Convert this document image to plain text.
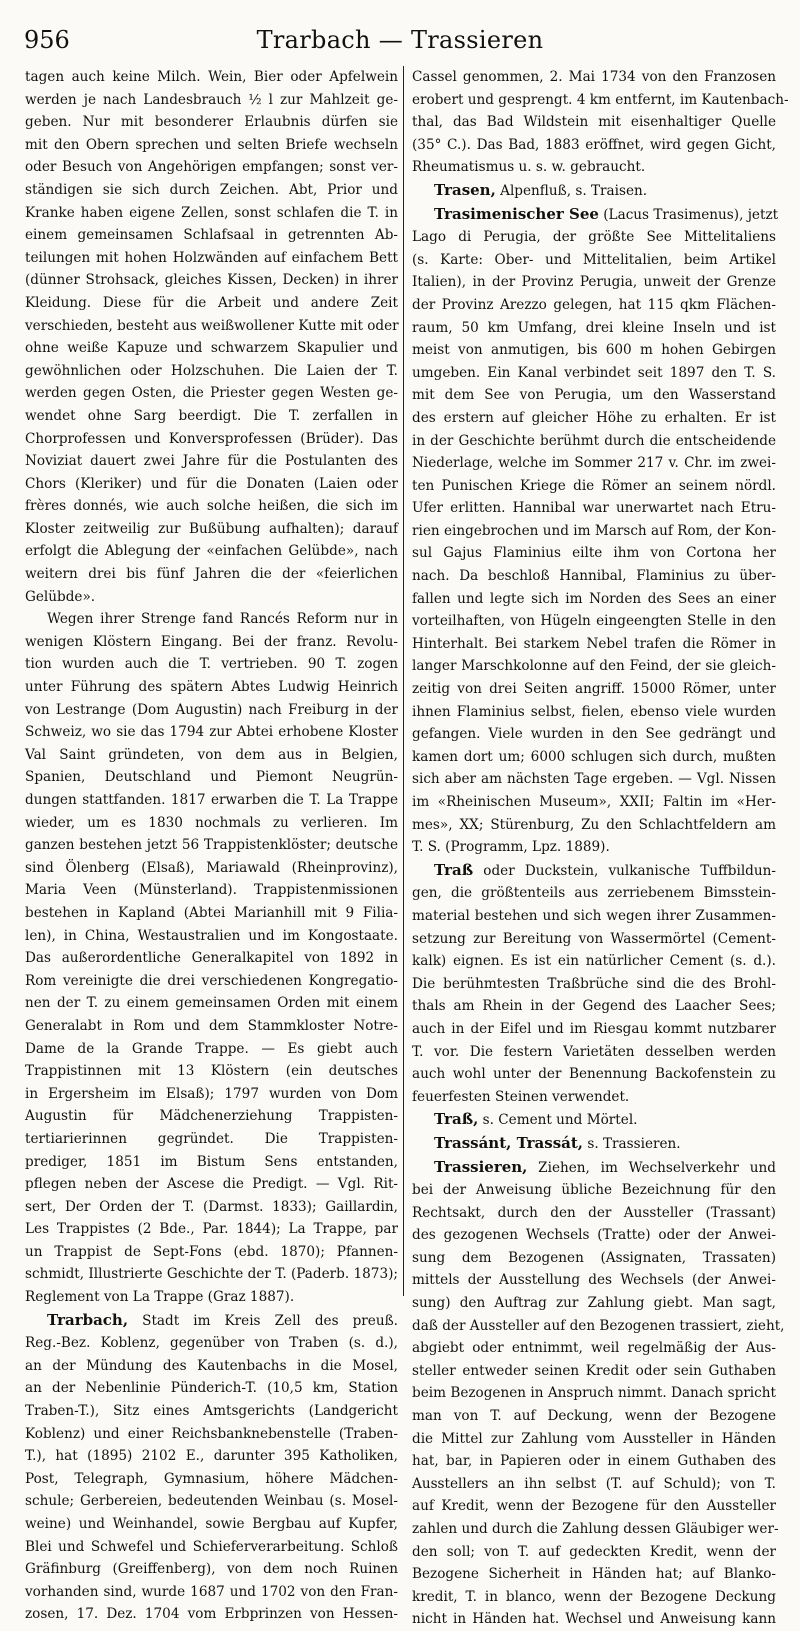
956	Trarbach — Trassieren
tagen auch keine Milch. Wein, Bier oder Apfelwein
werden je nach Landesbrauch ½ l zur Mahlzeit ge-
geben. Nur mit besonderer Erlaubnis dürfen sie
mit den Obern sprechen und selten Briefe wechseln
oder Besuch von Angehörigen empfangen; sonst ver-
ständigen sie sich durch Zeichen. Abt, Prior und
Kranke haben eigene Zellen, sonst schlafen die T. in
einem gemeinsamen Schlafsaal in getrennten Ab-
teilungen mit hohen Holzwänden auf einfachem Bett
(dünner Strohsack, gleiches Kissen, Decken) in ihrer
Kleidung. Diese für die Arbeit und andere Zeit
verschieden, besteht aus weißwollener Kutte mit oder
ohne weiße Kapuze und schwarzem Skapulier und
gewöhnlichen oder Holzschuhen. Die Laien der T.
werden gegen Osten, die Priester gegen Westen ge-
wendet ohne Sarg beerdigt. Die T. zerfallen in
Chorprofessen und Konversprofessen (Brüder). Das
Noviziat dauert zwei Jahre für die Postulanten des
Chors (Kleriker) und für die Donaten (Laien oder
frères donnés, wie auch solche heißen, die sich im
Kloster zeitweilig zur Bußübung aufhalten); darauf
erfolgt die Ablegung der «einfachen Gelübde», nach
weitern drei bis fünf Jahren die der «feierlichen
Gelübde».
Wegen ihrer Strenge fand Rancés Reform nur in
wenigen Klöstern Eingang. Bei der franz. Revolu-
tion wurden auch die T. vertrieben. 90 T. zogen
unter Führung des spätern Abtes Ludwig Heinrich
von Lestrange (Dom Augustin) nach Freiburg in der
Schweiz, wo sie das 1794 zur Abtei erhobene Kloster
Val Saint gründeten, von dem aus in Belgien,
Spanien, Deutschland und Piemont Neugrün-
dungen stattfanden. 1817 erwarben die T. La Trappe
wieder, um es 1830 nochmals zu verlieren. Im
ganzen bestehen jetzt 56 Trappistenklöster; deutsche
sind Ölenberg (Elsaß), Mariawald (Rheinprovinz),
Maria Veen (Münsterland). Trappistenmissionen
bestehen in Kapland (Abtei Marianhill mit 9 Filia-
len), in China, Westaustralien und im Kongostaate.
Das außerordentliche Generalkapitel von 1892 in
Rom vereinigte die drei verschiedenen Kongregatio-
nen der T. zu einem gemeinsamen Orden mit einem
Generalabt in Rom und dem Stammkloster Notre-
Dame de la Grande Trappe. — Es giebt auch
Trappistinnen mit 13 Klöstern (ein deutsches
in Ergersheim im Elsaß); 1797 wurden von Dom
Augustin für Mädchenerziehung Trappisten-
tertiarierinnen gegründet. Die Trappisten-
prediger, 1851 im Bistum Sens entstanden,
pflegen neben der Ascese die Predigt. — Vgl. Rit-
sert, Der Orden der T. (Darmst. 1833); Gaillardin,
Les Trappistes (2 Bde., Par. 1844); La Trappe, par
un Trappist de Sept-Fons (ebd. 1870); Pfannen-
schmidt, Illustrierte Geschichte der T. (Paderb. 1873);
Reglement von La Trappe (Graz 1887).
Trarbach, Stadt im Kreis Zell des preuß.
Reg.-Bez. Koblenz, gegenüber von Traben (s. d.),
an der Mündung des Kautenbachs in die Mosel,
an der Nebenlinie Pünderich-T. (10,5 km, Station
Traben-T.), Sitz eines Amtsgerichts (Landgericht
Koblenz) und einer Reichsbanknebenstelle (Traben-
T.), hat (1895) 2102 E., darunter 395 Katholiken,
Post, Telegraph, Gymnasium, höhere Mädchen-
schule; Gerbereien, bedeutenden Weinbau (s. Mosel-
weine) und Weinhandel, sowie Bergbau auf Kupfer,
Blei und Schwefel und Schieferverarbeitung. Schloß
Gräfinburg (Greiffenberg), von dem noch Ruinen
vorhanden sind, wurde 1687 und 1702 von den Fran-
zosen, 17. Dez. 1704 vom Erbprinzen von Hessen-
Cassel genommen, 2. Mai 1734 von den Franzosen
erobert und gesprengt. 4 km entfernt, im Kautenbach-
thal, das Bad Wildstein mit eisenhaltiger Quelle
(35° C.). Das Bad, 1883 eröffnet, wird gegen Gicht,
Rheumatismus u. s. w. gebraucht.
Trasen, Alpenfluß, s. Traisen.
Trasimenischer See (Lacus Trasimenus), jetzt
Lago di Perugia, der größte See Mittelitaliens
(s. Karte: Ober- und Mittelitalien, beim Artikel
Italien), in der Provinz Perugia, unweit der Grenze
der Provinz Arezzo gelegen, hat 115 qkm Flächen-
raum, 50 km Umfang, drei kleine Inseln und ist
meist von anmutigen, bis 600 m hohen Gebirgen
umgeben. Ein Kanal verbindet seit 1897 den T. S.
mit dem See von Perugia, um den Wasserstand
des erstern auf gleicher Höhe zu erhalten. Er ist
in der Geschichte berühmt durch die entscheidende
Niederlage, welche im Sommer 217 v. Chr. im zwei-
ten Punischen Kriege die Römer an seinem nördl.
Ufer erlitten. Hannibal war unerwartet nach Etru-
rien eingebrochen und im Marsch auf Rom, der Kon-
sul Gajus Flaminius eilte ihm von Cortona her
nach. Da beschloß Hannibal, Flaminius zu über-
fallen und legte sich im Norden des Sees an einer
vorteilhaften, von Hügeln eingeengten Stelle in den
Hinterhalt. Bei starkem Nebel trafen die Römer in
langer Marschkolonne auf den Feind, der sie gleich-
zeitig von drei Seiten angriff. 15000 Römer, unter
ihnen Flaminius selbst, fielen, ebenso viele wurden
gefangen. Viele wurden in den See gedrängt und
kamen dort um; 6000 schlugen sich durch, mußten
sich aber am nächsten Tage ergeben. — Vgl. Nissen
im «Rheinischen Museum», XXII; Faltin im «Her-
mes», XX; Stürenburg, Zu den Schlachtfeldern am
T. S. (Programm, Lpz. 1889).
Traß oder Duckstein, vulkanische Tuffbildun-
gen, die größtenteils aus zerriebenem Bimsstein-
material bestehen und sich wegen ihrer Zusammen-
setzung zur Bereitung von Wassermörtel (Cement-
kalk) eignen. Es ist ein natürlicher Cement (s. d.).
Die berühmtesten Traßbrüche sind die des Brohl-
thals am Rhein in der Gegend des Laacher Sees;
auch in der Eifel und im Riesgau kommt nutzbarer
T. vor. Die festern Varietäten desselben werden
auch wohl unter der Benennung Backofenstein zu
feuerfesten Steinen verwendet.
Traß, s. Cement und Mörtel.
Trassánt, Trassát, s. Trassieren.
Trassieren, Ziehen, im Wechselverkehr und
bei der Anweisung übliche Bezeichnung für den
Rechtsakt, durch den der Aussteller (Trassant)
des gezogenen Wechsels (Tratte) oder der Anwei-
sung dem Bezogenen (Assignaten, Trassaten)
mittels der Ausstellung des Wechsels (der Anwei-
sung) den Auftrag zur Zahlung giebt. Man sagt,
daß der Aussteller auf den Bezogenen trassiert, zieht,
abgiebt oder entnimmt, weil regelmäßig der Aus-
steller entweder seinen Kredit oder sein Guthaben
beim Bezogenen in Anspruch nimmt. Danach spricht
man von T. auf Deckung, wenn der Bezogene
die Mittel zur Zahlung vom Aussteller in Händen
hat, bar, in Papieren oder in einem Guthaben des
Ausstellers an ihn selbst (T. auf Schuld); von T.
auf Kredit, wenn der Bezogene für den Aussteller
zahlen und durch die Zahlung dessen Gläubiger wer-
den soll; von T. auf gedeckten Kredit, wenn der
Bezogene Sicherheit in Händen hat; auf Blanko-
kredit, T. in blanco, wenn der Bezogene Deckung
nicht in Händen hat. Wechsel und Anweisung kann
